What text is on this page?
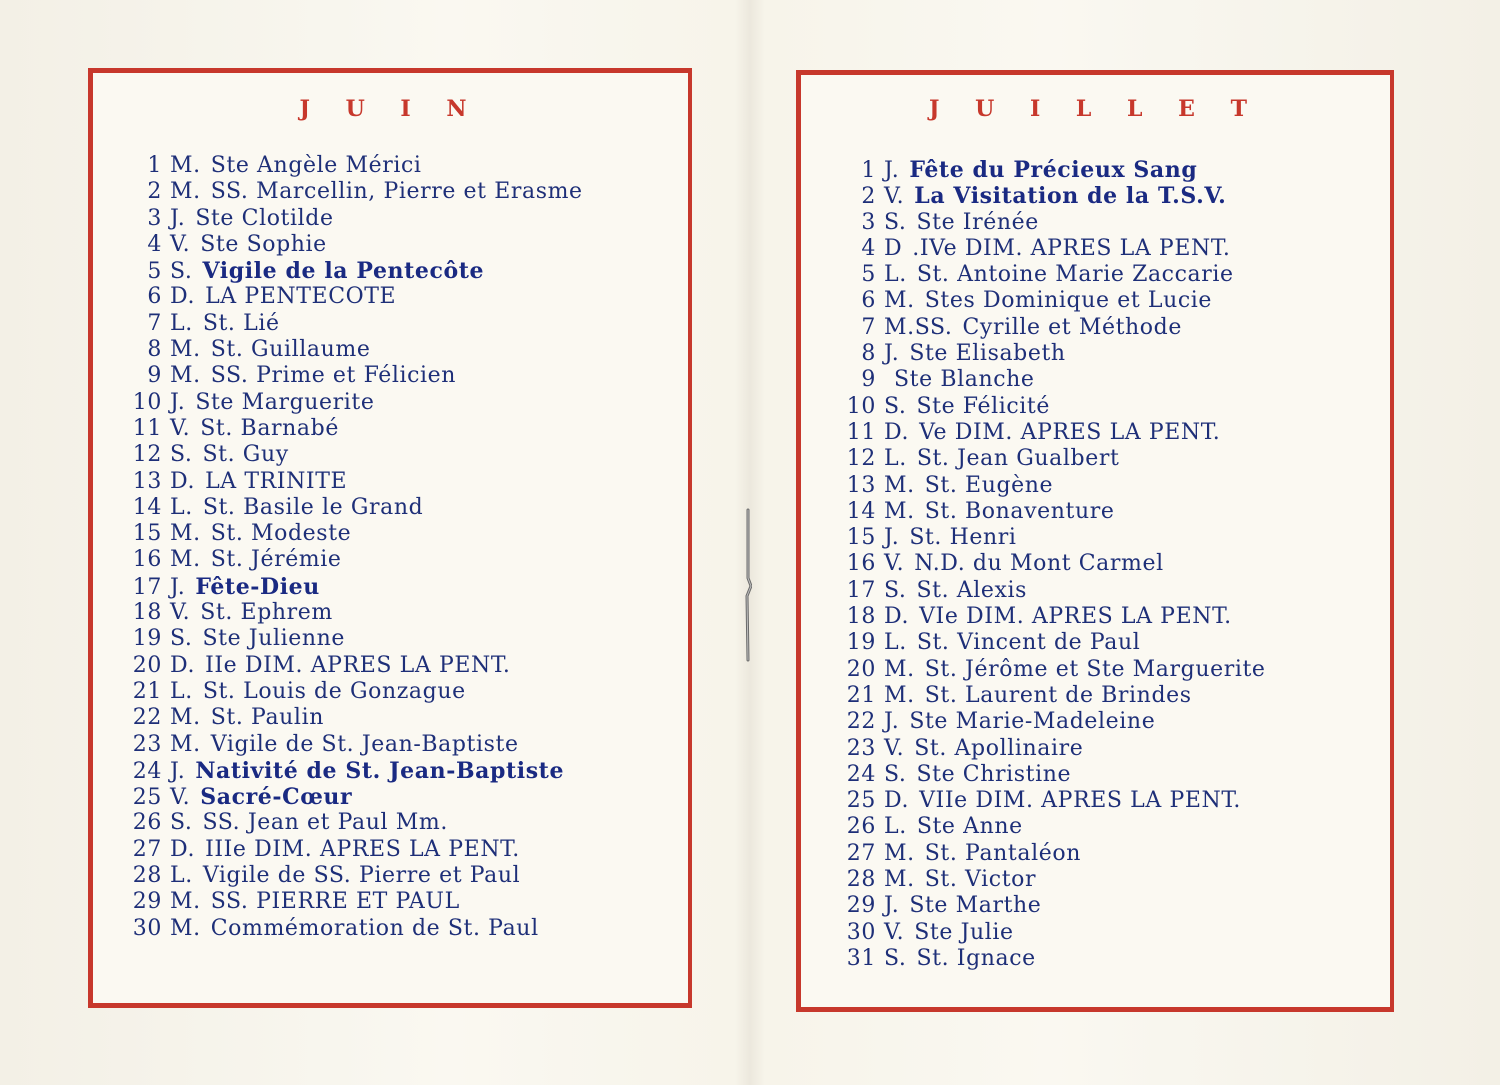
J U I N	J U I L L E T
1 M. Ste Angèle Mérici
2 M. SS. Marcellin, Pierre et Erasme
3 J. Ste Clotilde
4 V. Ste Sophie
5 S. Vigile de la Pentecôte
6 D. LA PENTECOTE
7 L. St. Lié
8 M. St. Guillaume
9 M. SS. Prime et Félicien
10 J. Ste Marguerite
11 V. St. Barnabé
12 S. St. Guy
13 D. LA TRINITE
14 L. St. Basile le Grand
15 M. St. Modeste
16 M. St. Jérémie
17 J. Fête-Dieu
18 V. St. Ephrem
19 S. Ste Julienne
20 D. IIe DIM. APRES LA PENT.
21 L. St. Louis de Gonzague
22 M. St. Paulin
23 M. Vigile de St. Jean-Baptiste
24 J. Nativité de St. Jean-Baptiste
25 V. Sacré-Cœur
26 S. SS. Jean et Paul Mm.
27 D. IIIe DIM. APRES LA PENT.
28 L. Vigile de SS. Pierre et Paul
29 M. SS. PIERRE ET PAUL
30 M. Commémoration de St. Paul
1 J. Fête du Précieux Sang
2 V. La Visitation de la T.S.V.
3 S. Ste Irénée
4 D .IVe DIM. APRES LA PENT.
5 L. St. Antoine Marie Zaccarie
6 M. Stes Dominique et Lucie
7 M.SS. Cyrille et Méthode
8 J. Ste Elisabeth
9 Ste Blanche
10 S. Ste Félicité
11 D. Ve DIM. APRES LA PENT.
12 L. St. Jean Gualbert
13 M. St. Eugène
14 M. St. Bonaventure
15 J. St. Henri
16 V. N.D. du Mont Carmel
17 S. St. Alexis
18 D. VIe DIM. APRES LA PENT.
19 L. St. Vincent de Paul
20 M. St. Jérôme et Ste Marguerite
21 M. St. Laurent de Brindes
22 J. Ste Marie-Madeleine
23 V. St. Apollinaire
24 S. Ste Christine
25 D. VIIe DIM. APRES LA PENT.
26 L. Ste Anne
27 M. St. Pantaléon
28 M. St. Victor
29 J. Ste Marthe
30 V. Ste Julie
31 S. St. Ignace
